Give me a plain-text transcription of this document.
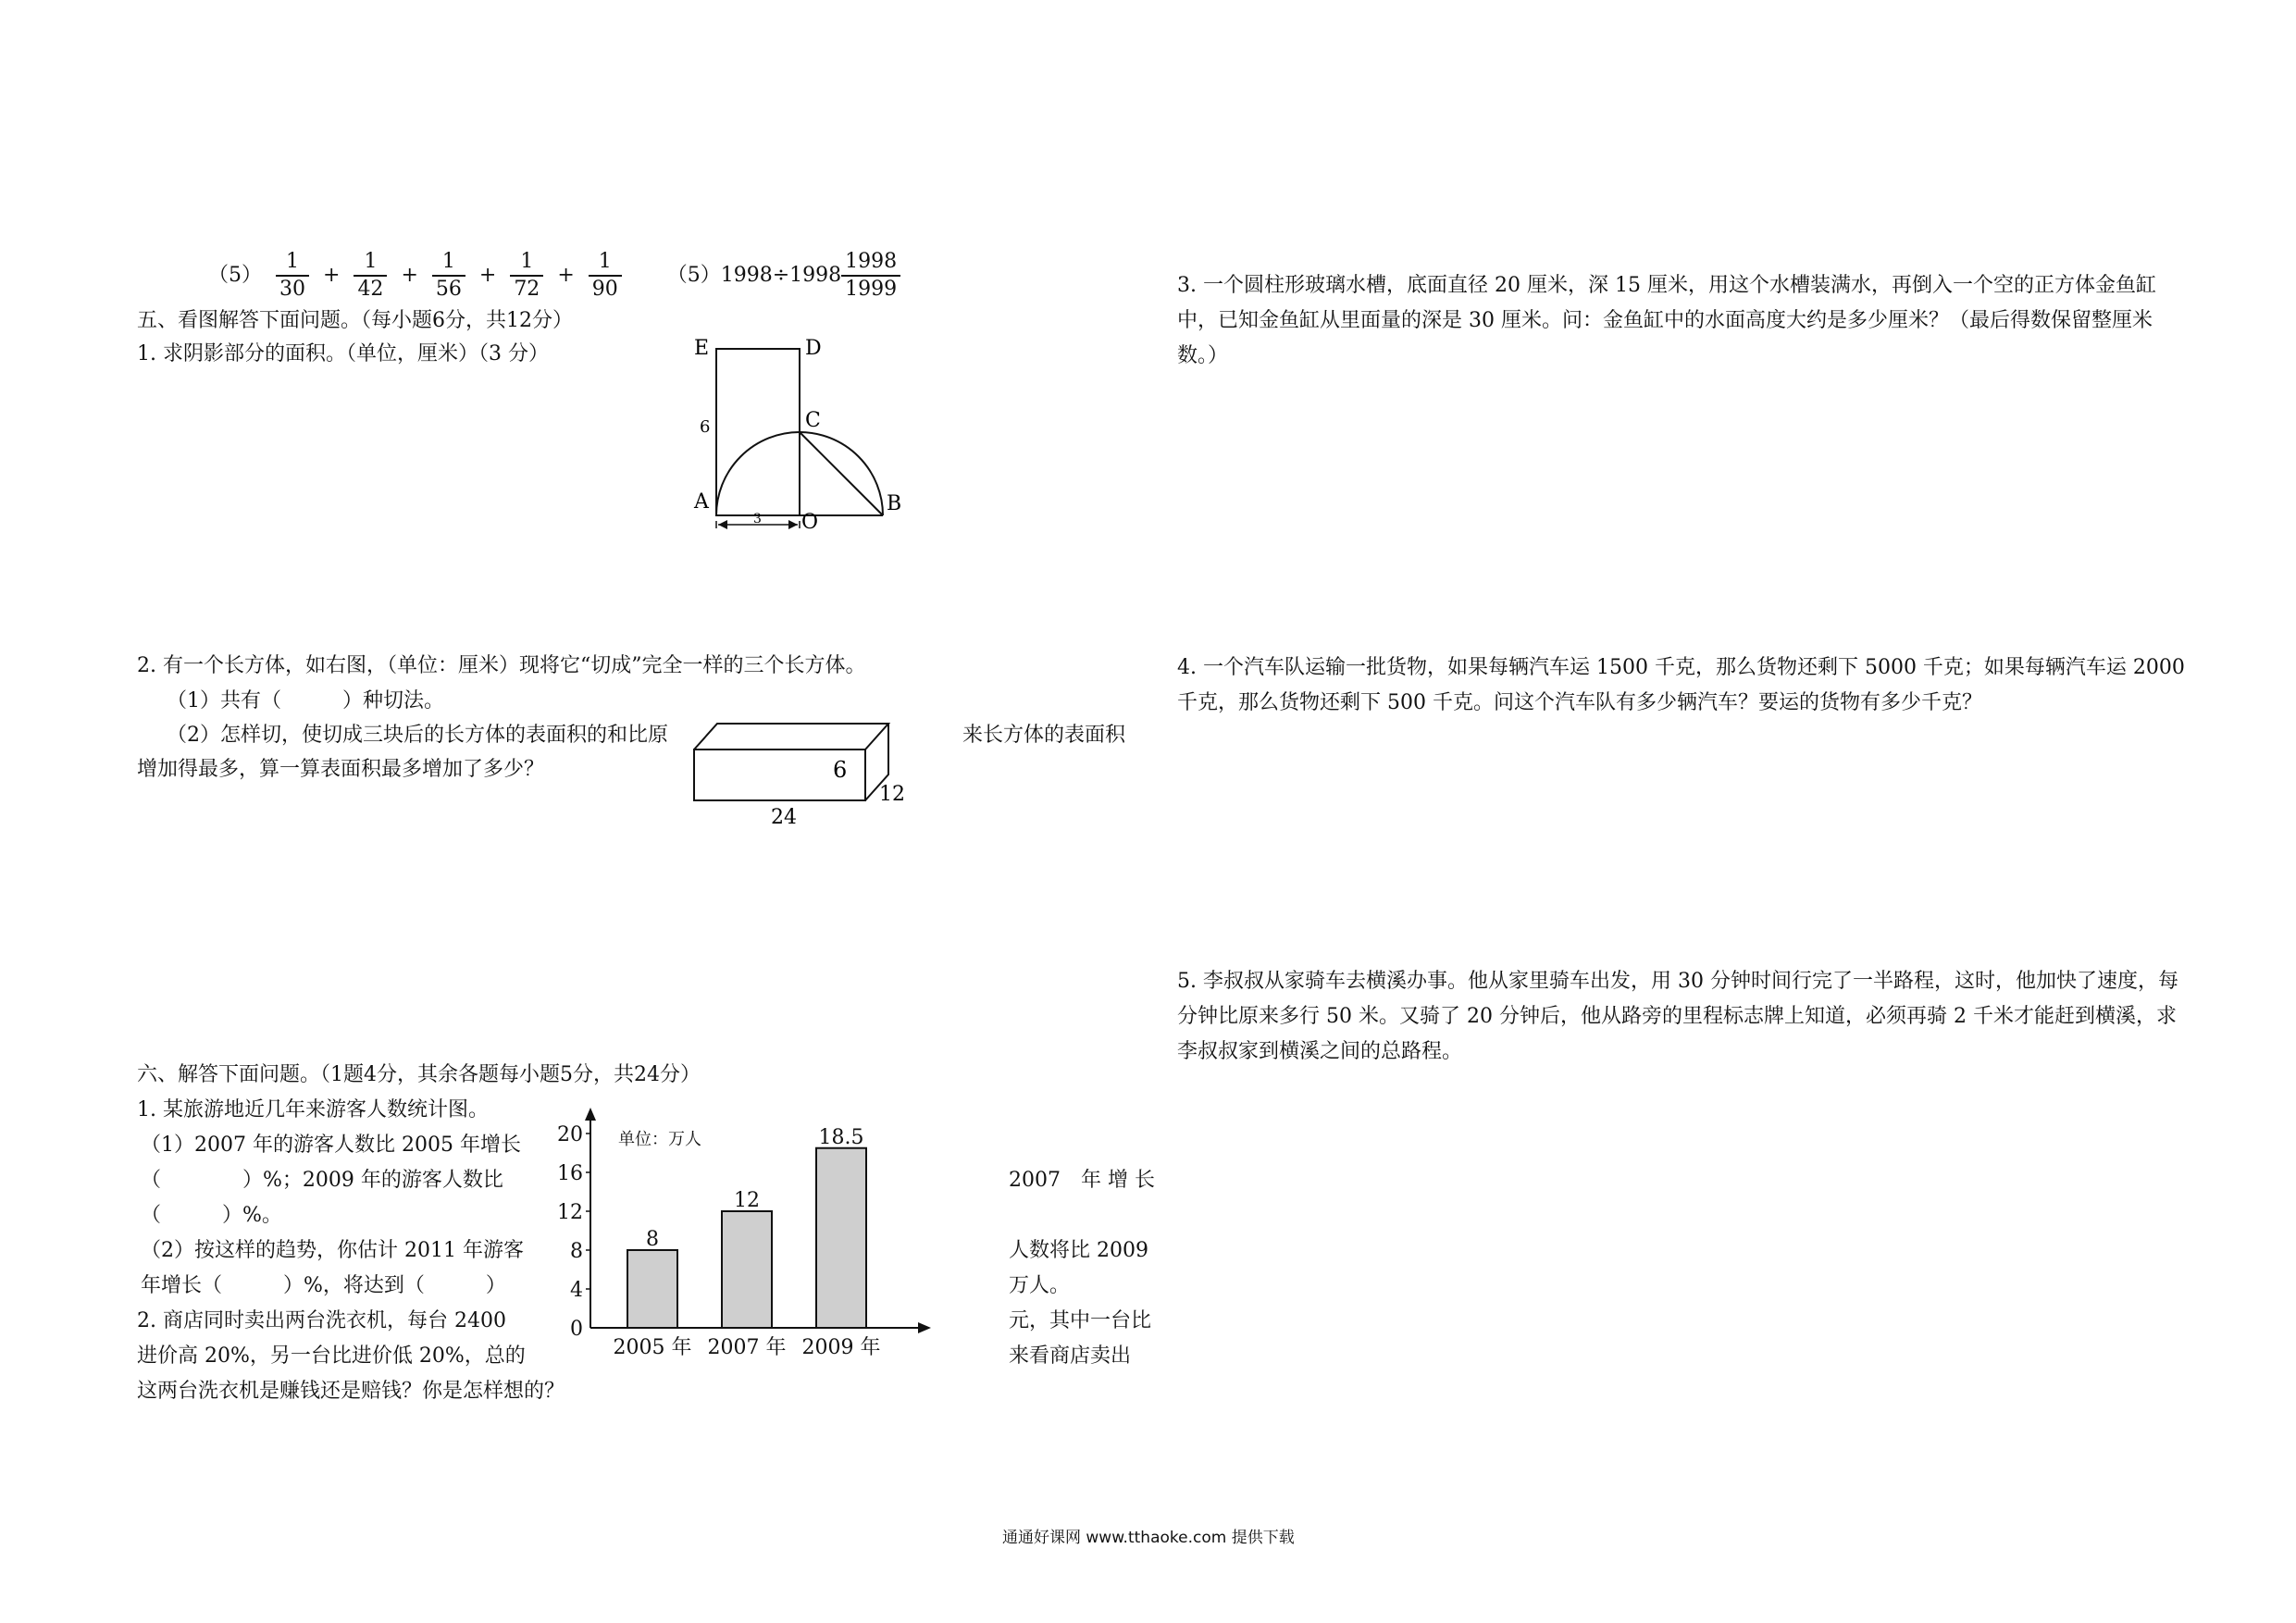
$(5) \frac{1}{30} + \frac{1}{42} + \frac{1}{56} + \frac{1}{72} + \frac{1}{90} (5)1998\div 1998 \frac{1998}{1999}$
五、看图解答下面问题。（每小题6分，共12分）
1. 求阴影部分的面积。（单位，厘米）（3 分）	E	D
C
6
A
3 O
B
2. 有一个长方体，如右图，（单位：厘米）现将它“切成”完全一样的三个长方体。
（1）共有（　　　）种切法。
（2）怎样切，使切成三块后的长方体的表面积的和比原	来长方体的表面积
增加得最多，算一算表面积最多增加了多少？	6
12
24
六、解答下面问题。（1题4分，其余各题每小题5分，共24分）
1. 某旅游地近几年来游客人数统计图。
（1）2007 年的游客人数比 2005 年增长
（　　　　）%；2009 年的游客人数比	2007　年 增 长
（　　　）%。
（2）按这样的趋势，你估计 2011 年游客	人数将比 2009
年增长（　　　）%，将达到（　　　）	万人。
2. 商店同时卖出两台洗衣机，每台 2400	元，其中一台比
进价高 20%，另一台比进价低 20%，总的	来看商店卖出
这两台洗衣机是赚钱还是赔钱？你是怎样想的？
0
4
8
12
16
20
8
2005 年
12
2007 年
18.5
2009 年
单位：万人
3. 一个圆柱形玻璃水槽，底面直径 20 厘米，深 15 厘米，用这个水槽装满水，再倒入一个空的正方体金鱼缸中，已知金鱼缸从里面量的深是 30 厘米。问：金鱼缸中的水面高度大约是多少厘米？（最后得数保留整厘米数。）
4. 一个汽车队运输一批货物，如果每辆汽车运 1500 千克，那么货物还剩下 5000 千克；如果每辆汽车运 2000 千克，那么货物还剩下 500 千克。问这个汽车队有多少辆汽车？要运的货物有多少千克？
5. 李叔叔从家骑车去横溪办事。他从家里骑车出发，用 30 分钟时间行完了一半路程，这时，他加快了速度，每分钟比原来多行 50 米。又骑了 20 分钟后，他从路旁的里程标志牌上知道，必须再骑 2 千米才能赶到横溪，求李叔叔家到横溪之间的总路程。
通通好课网 www.tthaoke.com 提供下载
